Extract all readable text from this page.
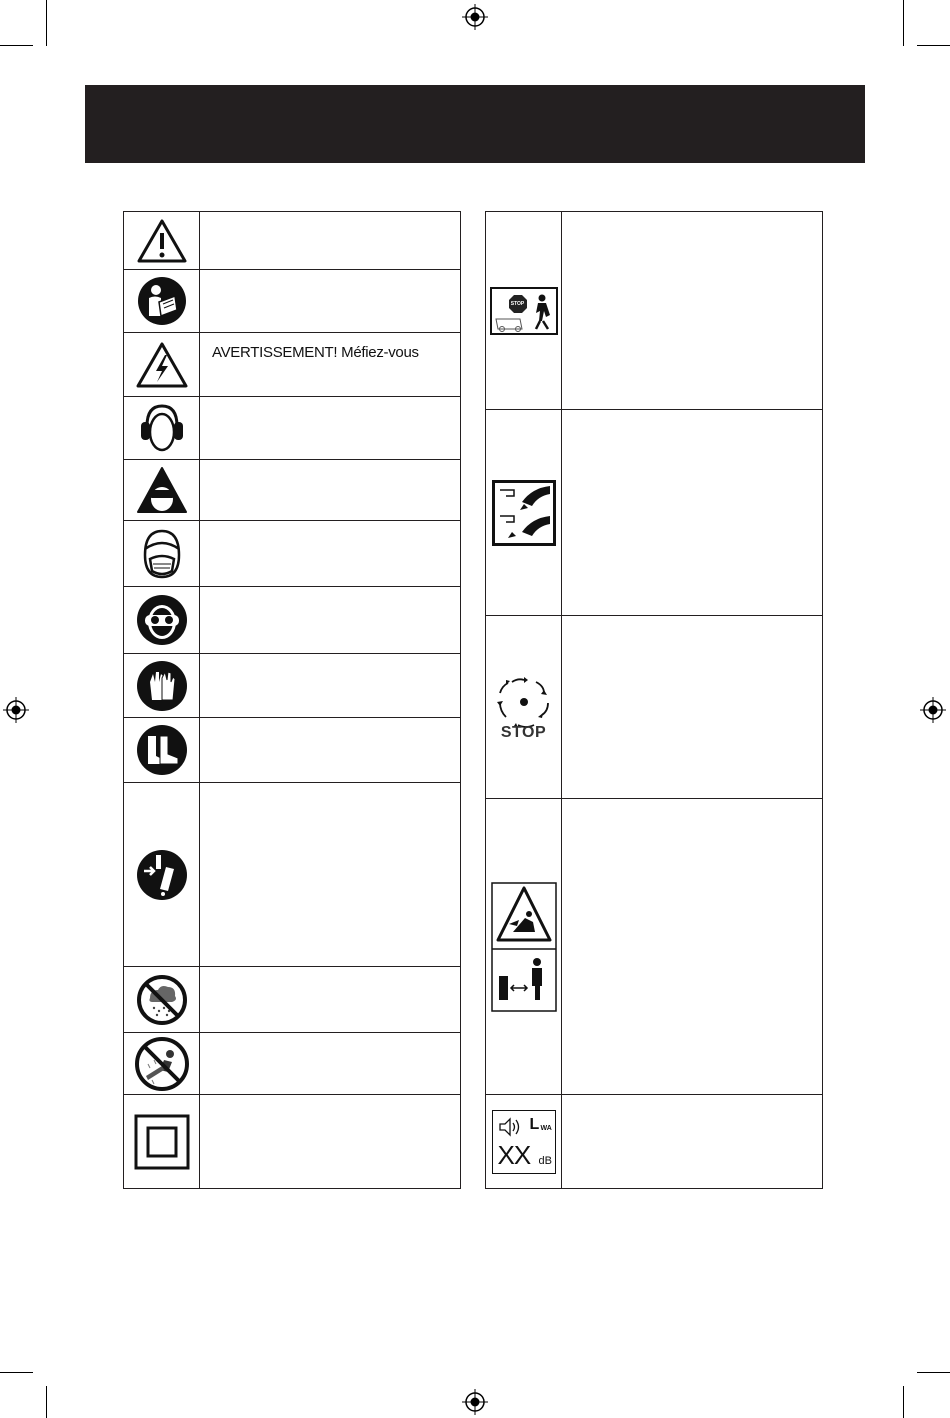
AVERTISSEMENT! Méfiez-vous

STOP	

STOP	

L WA
XX dB	
